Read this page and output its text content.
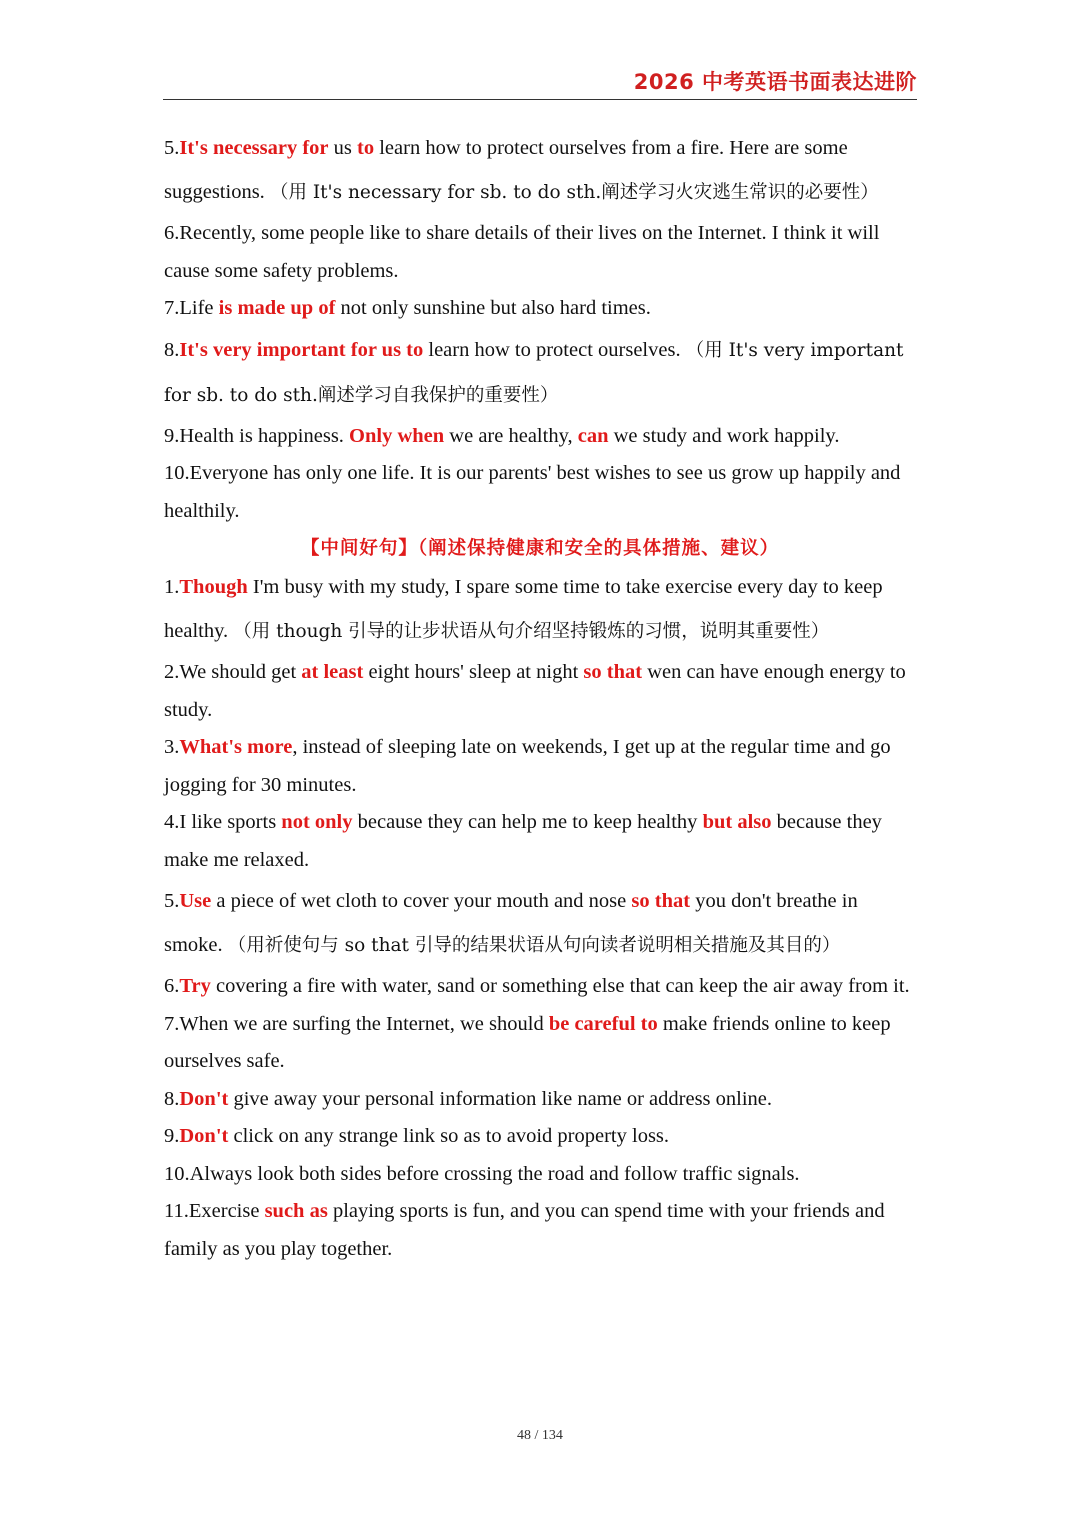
2026 中考英语书面表达进阶

5.It's necessary for us to learn how to protect ourselves from a fire. Here are some suggestions. （用 It's necessary for sb. to do sth.阐述学习火灾逃生常识的必要性）

6.Recently, some people like to share details of their lives on the Internet. I think it will cause some safety problems.

7.Life is made up of not only sunshine but also hard times.

8.It's very important for us to learn how to protect ourselves. （用 It's very important for sb. to do sth.阐述学习自我保护的重要性）

9.Health is happiness. Only when we are healthy, can we study and work happily.

10.Everyone has only one life. It is our parents' best wishes to see us grow up happily and healthily.

【中间好句】（阐述保持健康和安全的具体措施、建议）

1.Though I'm busy with my study, I spare some time to take exercise every day to keep healthy. （用 though 引导的让步状语从句介绍坚持锻炼的习惯，说明其重要性）

2.We should get at least eight hours' sleep at night so that wen can have enough energy to study.

3.What's more, instead of sleeping late on weekends, I get up at the regular time and go jogging for 30 minutes.

4.I like sports not only because they can help me to keep healthy but also because they make me relaxed.

5.Use a piece of wet cloth to cover your mouth and nose so that you don't breathe in smoke. （用祈使句与 so that 引导的结果状语从句向读者说明相关措施及其目的）

6.Try covering a fire with water, sand or something else that can keep the air away from it.

7.When we are surfing the Internet, we should be careful to make friends online to keep ourselves safe.

8.Don't give away your personal information like name or address online.

9.Don't click on any strange link so as to avoid property loss.

10.Always look both sides before crossing the road and follow traffic signals.

11.Exercise such as playing sports is fun, and you can spend time with your friends and family as you play together.

48 / 134
